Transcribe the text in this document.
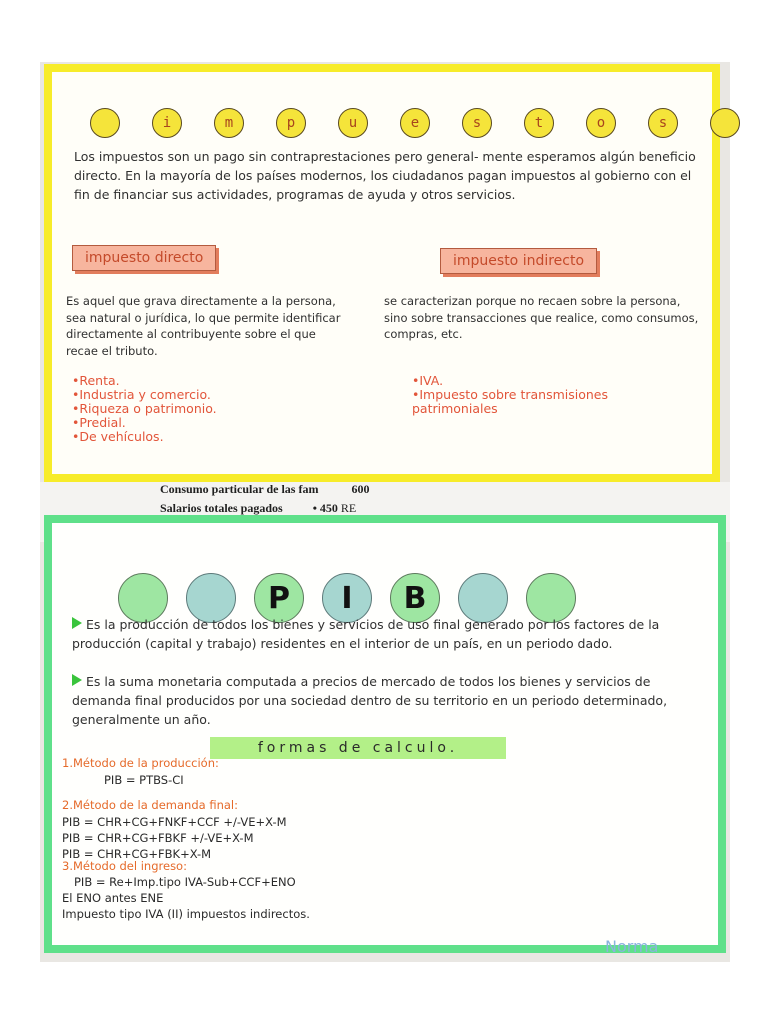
Consumo particular de las fam	600
Salarios totales pagados          • 450 RE
i	m	p	u	e	s	t	o	s
Los impuestos son un pago sin contraprestaciones pero general- mente esperamos algún beneficio directo. En la mayoría de los países modernos, los ciudadanos pagan impuestos al gobierno con el fin de financiar sus actividades, programas de ayuda y otros servicios.
impuesto directo	impuesto indirecto
Es aquel que grava directamente a la persona, sea natural o jurídica, lo que permite identificar directamente al contribuyente sobre el que recae el tributo.
se caracterizan porque no recaen sobre la persona, sino sobre transacciones que realice, como consumos, compras, etc.
•Renta.
•Industria y comercio.
•Riqueza o patrimonio.
•Predial.
•De vehículos.
•IVA.
•Impuesto sobre transmisiones patrimoniales
P	I	B
Es la producción de todos los bienes y servicios de uso final generado por los factores de la producción (capital y trabajo) residentes en el interior de un país, en un periodo dado.
Es la suma monetaria computada a precios de mercado de todos los bienes y servicios de demanda final producidos por una sociedad dentro de su territorio en un periodo determinado, generalmente un año.
formas de calculo.
1.Método de la producción:
PIB = PTBS-CI
2.Método de la demanda final:
PIB = CHR+CG+FNKF+CCF +/-VE+X-M
PIB = CHR+CG+FBKF +/-VE+X-M
PIB = CHR+CG+FBK+X-M
3.Método del ingreso:
PIB = Re+Imp.tipo IVA-Sub+CCF+ENO
El ENO antes ENE
Impuesto tipo IVA (II) impuestos indirectos.
Norma
